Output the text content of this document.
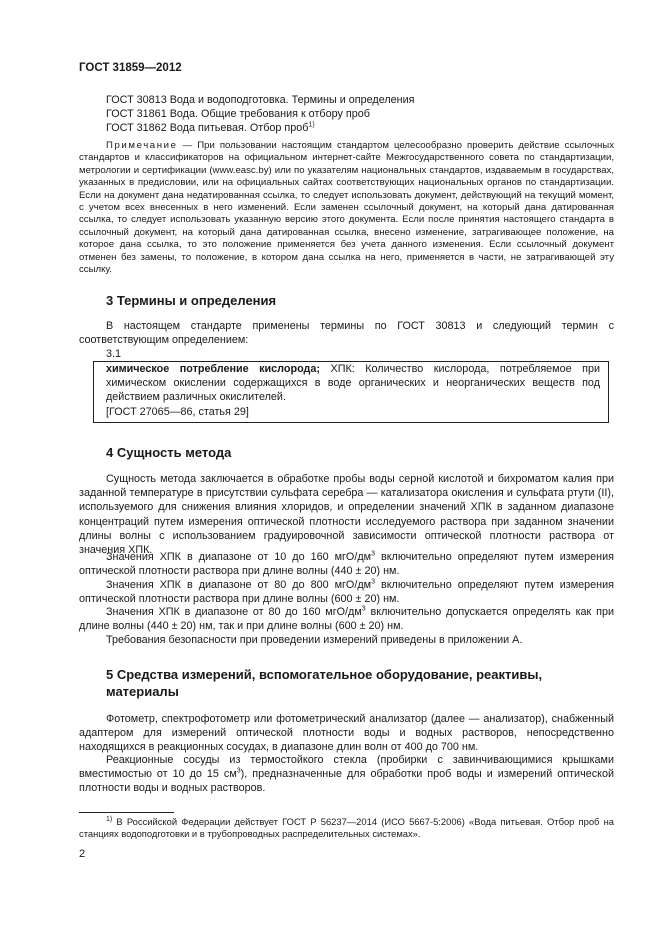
ГОСТ 31859—2012
ГОСТ 30813 Вода и водоподготовка. Термины и определения
ГОСТ 31861 Вода. Общие требования к отбору проб
ГОСТ 31862 Вода питьевая. Отбор проб$^{1)}$
Примечание — При пользовании настоящим стандартом целесообразно проверить действие ссылочных стандартов и классификаторов на официальном интернет-сайте Межгосударственного совета по стандартизации, метрологии и сертификации (www.easc.by) или по указателям национальных стандартов, издаваемым в государствах, указанных в предисловии, или на официальных сайтах соответствующих национальных органов по стандартизации. Если на документ дана недатированная ссылка, то следует использовать документ, действующий на текущий момент, с учетом всех внесенных в него изменений. Если заменен ссылочный документ, на который дана датированная ссылка, то следует использовать указанную версию этого документа. Если после принятия настоящего стандарта в ссылочный документ, на который дана датированная ссылка, внесено изменение, затрагивающее положение, на которое дана ссылка, то это положение применяется без учета данного изменения. Если ссылочный документ отменен без замены, то положение, в котором дана ссылка на него, применяется в части, не затрагивающей эту ссылку.
3 Термины и определения
В настоящем стандарте применены термины по ГОСТ 30813 и следующий термин с соответствующим определением:
3.1
химическое потребление кислорода; ХПК: Количество кислорода, потребляемое при химическом окислении содержащихся в воде органических и неорганических веществ под действием различных окислителей.
[ГОСТ 27065—86, статья 29]
4 Сущность метода
Сущность метода заключается в обработке пробы воды серной кислотой и бихроматом калия при заданной температуре в присутствии сульфата серебра — катализатора окисления и сульфата ртути (II), используемого для снижения влияния хлоридов, и определении значений ХПК в заданном диапазоне концентраций путем измерения оптической плотности исследуемого раствора при заданном значении длины волны с использованием градуировочной зависимости оптической плотности раствора от значения ХПК.
Значения ХПК в диапазоне от 10 до 160 мгО/$дм^3$ включительно определяют путем измерения оптической плотности раствора при длине волны (440 ± 20) нм.
Значения ХПК в диапазоне от 80 до 800 мгО/$дм^3$ включительно определяют путем измерения оптической плотности раствора при длине волны (600 ± 20) нм.
Значения ХПК в диапазоне от 80 до 160 мгО/$дм^3$ включительно допускается определять как при длине волны (440 ± 20) нм, так и при длине волны (600 ± 20) нм.
Требования безопасности при проведении измерений приведены в приложении А.
5 Средства измерений, вспомогательное оборудование, реактивы,
материалы
Фотометр, спектрофотометр или фотометрический анализатор (далее — анализатор), снабженный адаптером для измерений оптической плотности воды и водных растворов, непосредственно находящихся в реакционных сосудах, в диапазоне длин волн от 400 до 700 нм.
Реакционные сосуды из термостойкого стекла (пробирки с завинчивающимися крышками вместимостью от 10 до 15 $см^3$), предназначенные для обработки проб воды и измерений оптической плотности воды и водных растворов.
$^{1)}$ В Российской Федерации действует ГОСТ Р 56237—2014 (ИСО 5667-5:2006) «Вода питьевая. Отбор проб на станциях водоподготовки и в трубопроводных распределительных системах».
2
